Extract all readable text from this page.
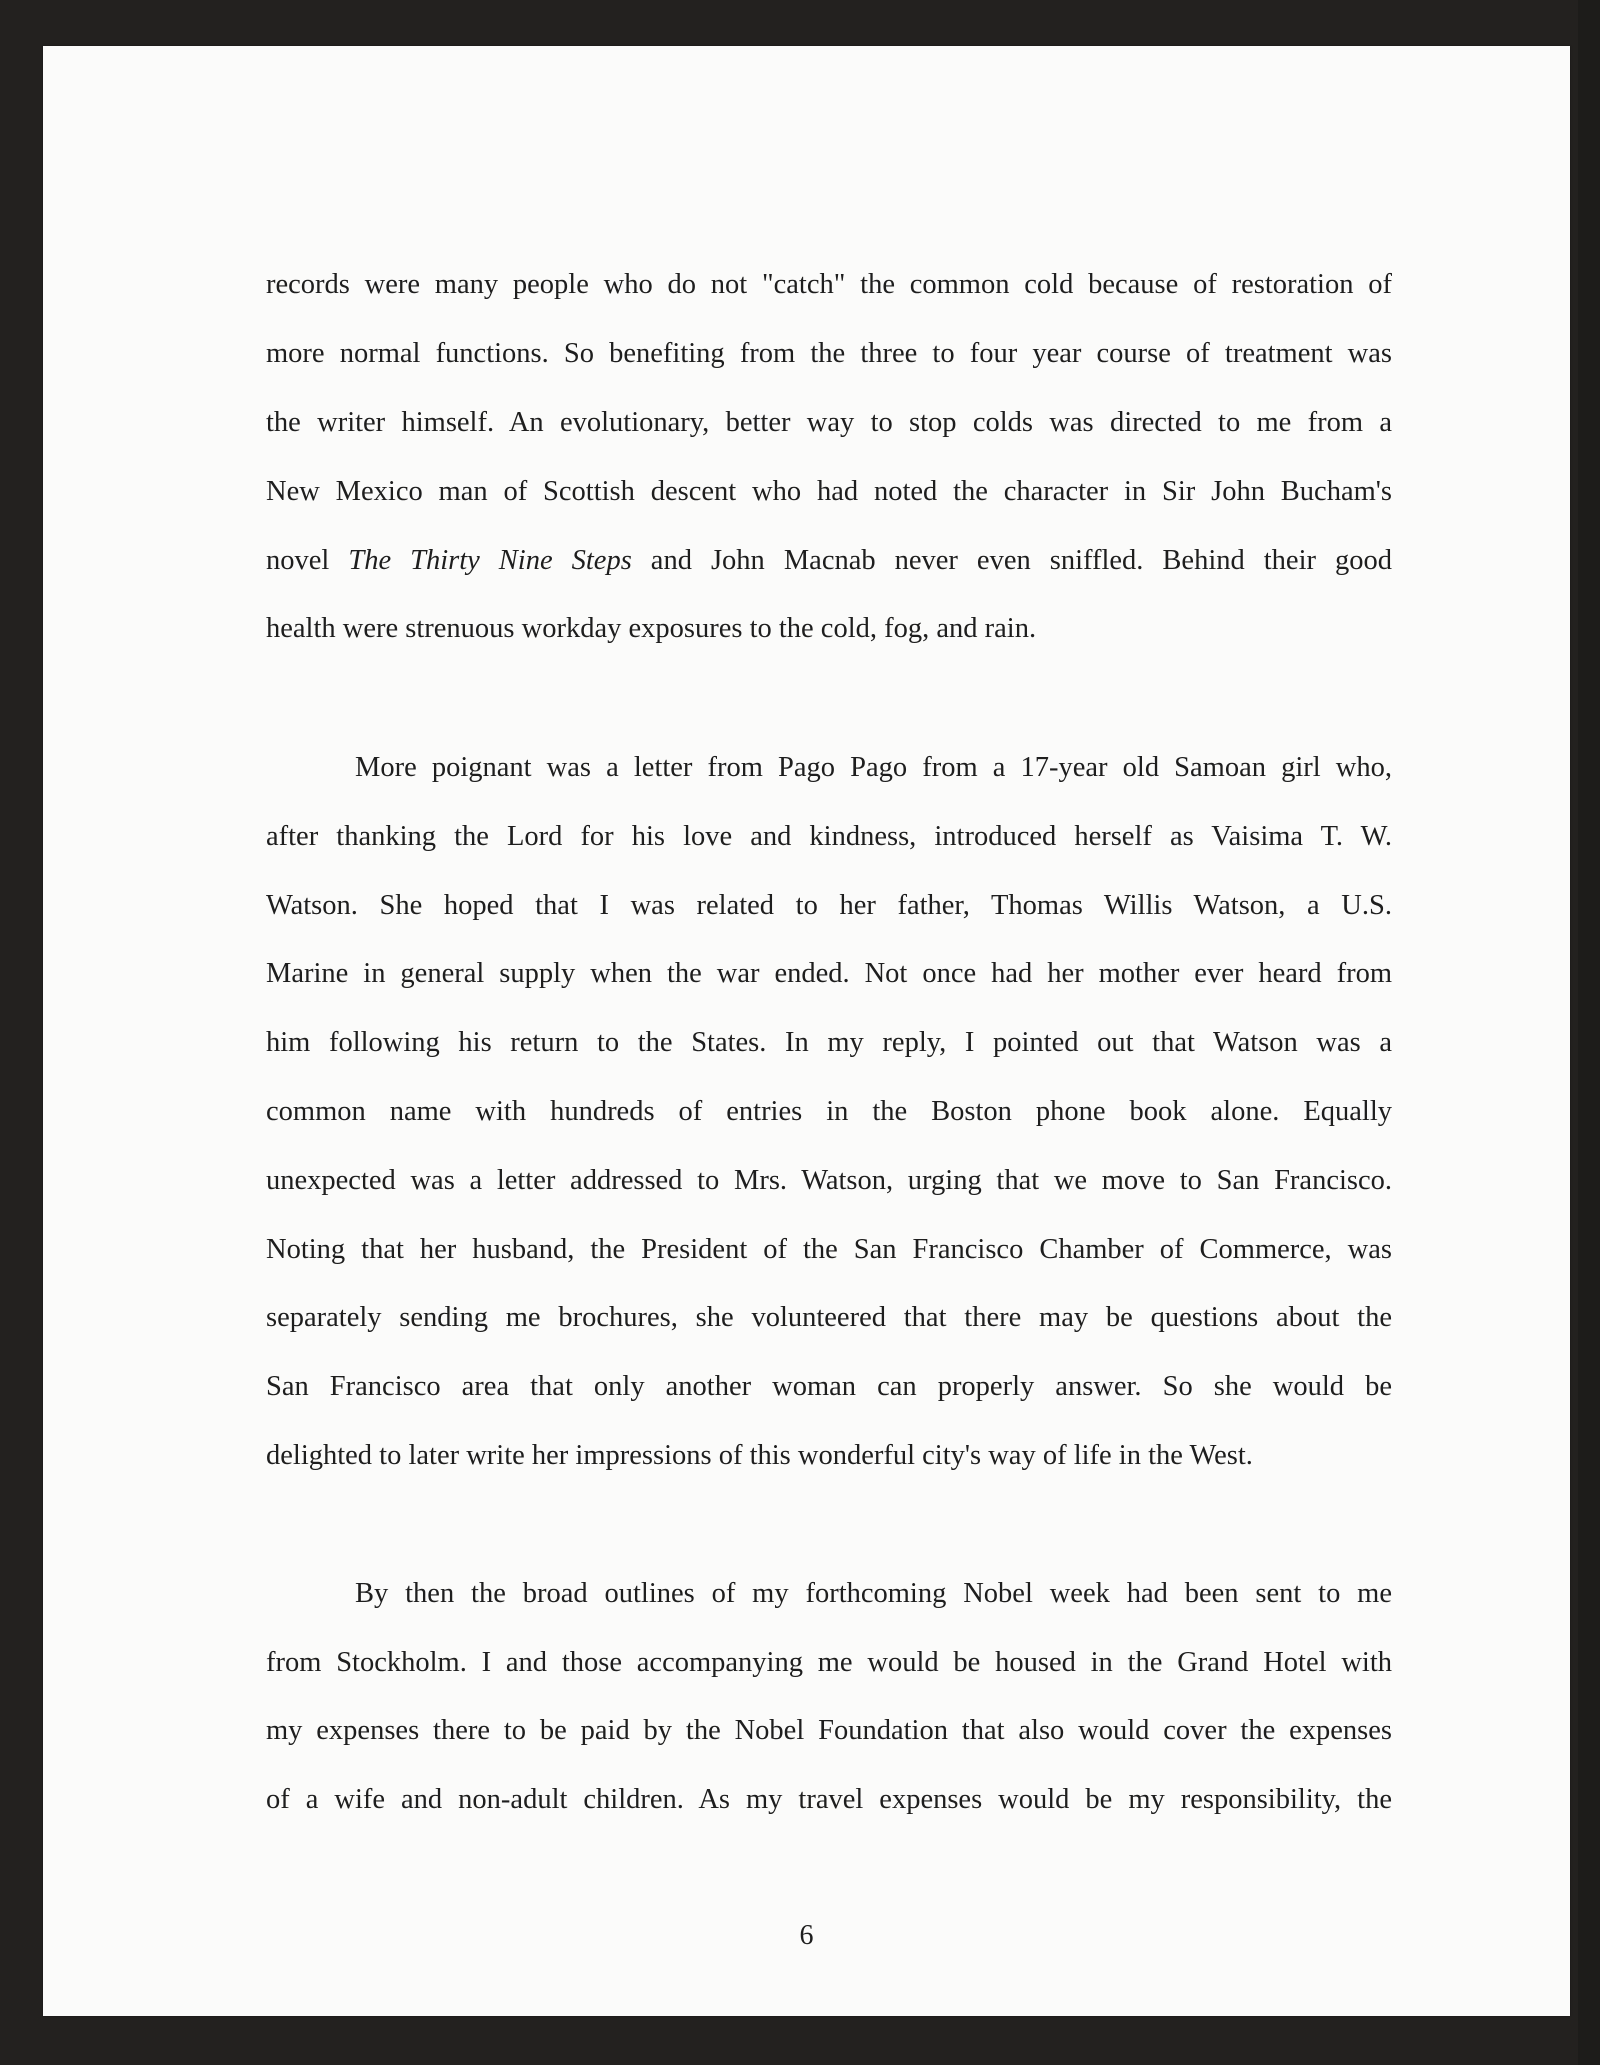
records were many people who do not "catch" the common cold because of restoration of
more normal functions. So benefiting from the three to four year course of treatment was
the writer himself. An evolutionary, better way to stop colds was directed to me from a
New Mexico man of Scottish descent who had noted the character in Sir John Bucham's
novel The Thirty Nine Steps and John Macnab never even sniffled. Behind their good
health were strenuous workday exposures to the cold, fog, and rain.
More poignant was a letter from Pago Pago from a 17-year old Samoan girl who,
after thanking the Lord for his love and kindness, introduced herself as Vaisima T. W.
Watson. She hoped that I was related to her father, Thomas Willis Watson, a U.S.
Marine in general supply when the war ended. Not once had her mother ever heard from
him following his return to the States. In my reply, I pointed out that Watson was a
common name with hundreds of entries in the Boston phone book alone. Equally
unexpected was a letter addressed to Mrs. Watson, urging that we move to San Francisco.
Noting that her husband, the President of the San Francisco Chamber of Commerce, was
separately sending me brochures, she volunteered that there may be questions about the
San Francisco area that only another woman can properly answer. So she would be
delighted to later write her impressions of this wonderful city's way of life in the West.
By then the broad outlines of my forthcoming Nobel week had been sent to me
from Stockholm. I and those accompanying me would be housed in the Grand Hotel with
my expenses there to be paid by the Nobel Foundation that also would cover the expenses
of a wife and non-adult children. As my travel expenses would be my responsibility, the
6
